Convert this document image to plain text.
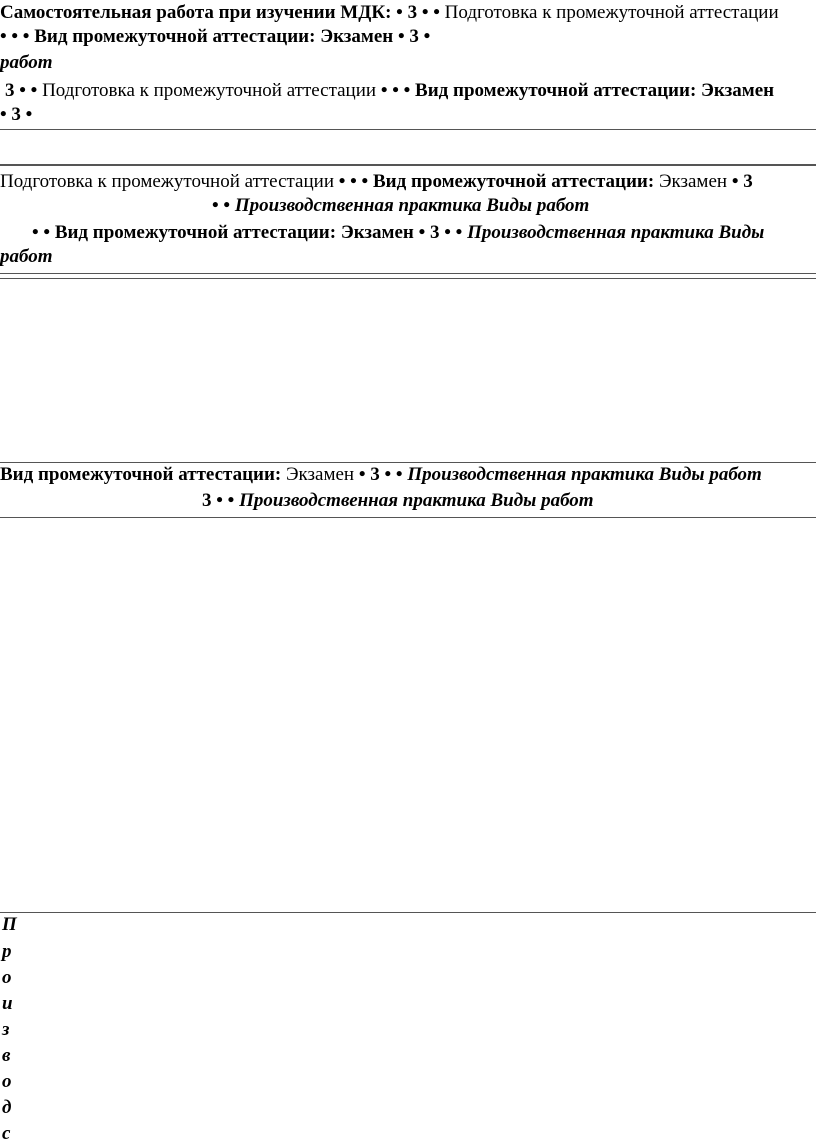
Самостоятельная работа при изучении МДК: • 3 • • Подготовка к промежуточной аттестации
• • • Вид промежуточной аттестации: Экзамен • 3 •
работ
3 • • Подготовка к промежуточной аттестации • • • Вид промежуточной аттестации: Экзамен
• 3 •
Подготовка к промежуточной аттестации • • • Вид промежуточной аттестации: Экзамен • 3
• • Производственная практика Виды работ
• • Вид промежуточной аттестации: Экзамен • 3 • • Производственная практика Виды
работ
Вид промежуточной аттестации: Экзамен • 3 • • Производственная практика Виды работ
3 • • Производственная практика Виды работ
П
р
о
и
з
в
о
д
с
